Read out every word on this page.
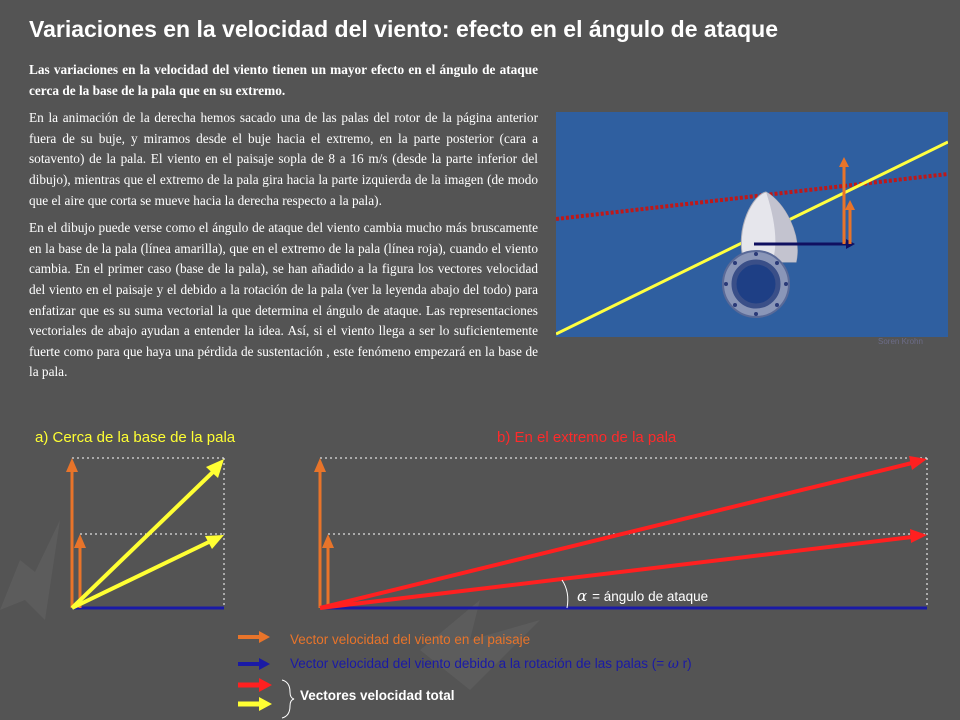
Variaciones en la velocidad del viento: efecto en el ángulo de ataque

Las variaciones en la velocidad del viento tienen un mayor efecto en el ángulo de ataque cerca de la base de la pala que en su extremo.

En la animación de la derecha hemos sacado una de las palas del rotor de la página anterior fuera de su buje, y miramos desde el buje hacia el extremo, en la parte posterior (cara a sotavento) de la pala. El viento en el paisaje sopla de 8 a 16 m/s (desde la parte inferior del dibujo), mientras que el extremo de la pala gira hacia la parte izquierda de la imagen (de modo que el aire que corta se mueve hacia la derecha respecto a la pala).

En el dibujo puede verse como el ángulo de ataque del viento cambia mucho más bruscamente en la base de la pala (línea amarilla), que en el extremo de la pala (línea roja), cuando el viento cambia. En el primer caso (base de la pala), se han añadido a la figura los vectores velocidad del viento en el paisaje y el debido a la rotación de la pala (ver la leyenda abajo del todo) para enfatizar que es su suma vectorial la que determina el ángulo de ataque. Las representaciones vectoriales de abajo ayudan a entender la idea. Así, si el viento llega a ser lo suficientemente fuerte como para que haya una pérdida de sustentación , este fenómeno empezará en la base de la pala.

Soren Krohn
a) Cerca de la base de la pala	b) En el extremo de la pala
α = ángulo de ataque
Vector velocidad del viento en el paisaje
Vector velocidad del viento debido a la rotación de las palas (= ω r)
Vectores velocidad total
